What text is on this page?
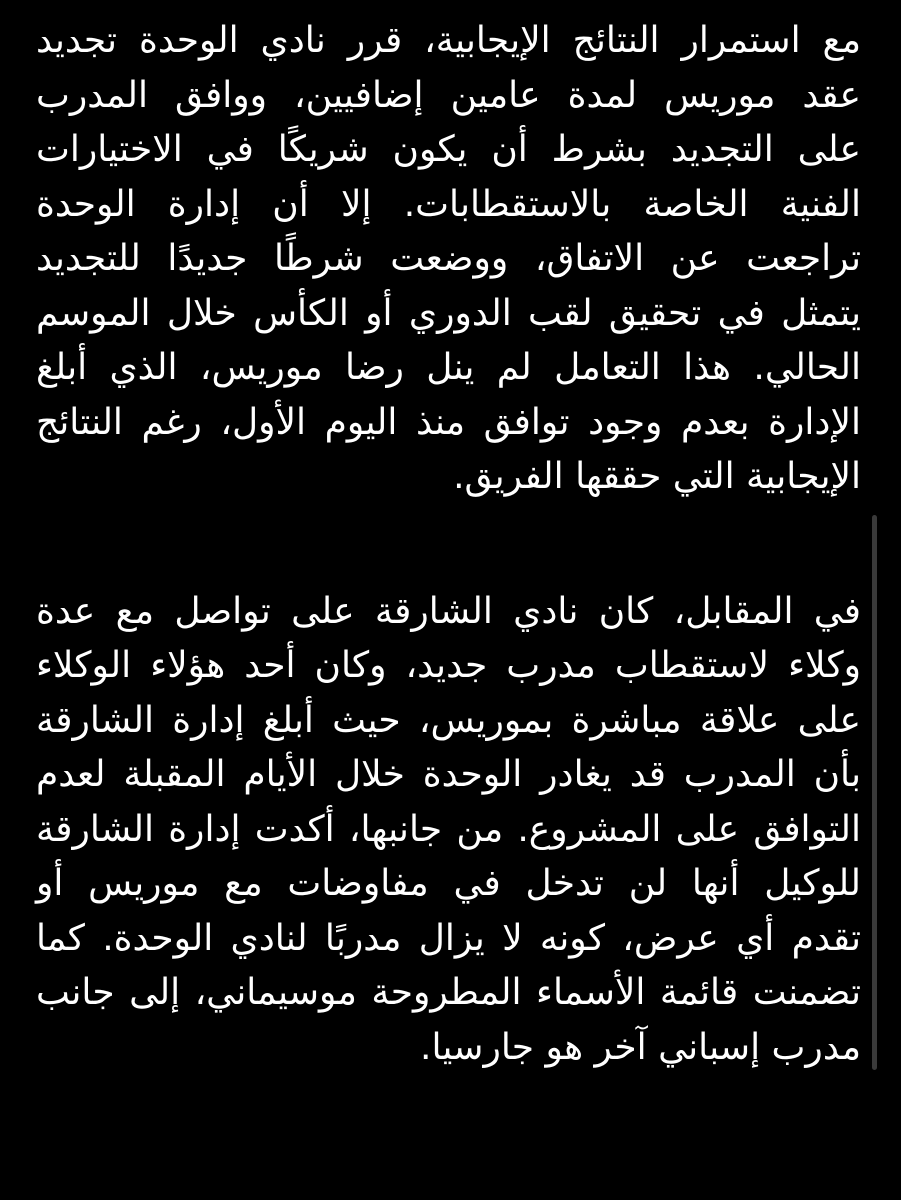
مع استمرار النتائج الإيجابية، قرر نادي الوحدة تجديد
عقد موريس لمدة عامين إضافيين، ووافق المدرب
على التجديد بشرط أن يكون شريكًا في الاختيارات
الفنية الخاصة بالاستقطابات. إلا أن إدارة الوحدة
تراجعت عن الاتفاق، ووضعت شرطًا جديدًا للتجديد
يتمثل في تحقيق لقب الدوري أو الكأس خلال الموسم
الحالي. هذا التعامل لم ينل رضا موريس، الذي أبلغ
الإدارة بعدم وجود توافق منذ اليوم الأول، رغم النتائج
الإيجابية التي حققها الفريق.

في المقابل، كان نادي الشارقة على تواصل مع عدة
وكلاء لاستقطاب مدرب جديد، وكان أحد هؤلاء الوكلاء
على علاقة مباشرة بموريس، حيث أبلغ إدارة الشارقة
بأن المدرب قد يغادر الوحدة خلال الأيام المقبلة لعدم
التوافق على المشروع. من جانبها، أكدت إدارة الشارقة
للوكيل أنها لن تدخل في مفاوضات مع موريس أو
تقدم أي عرض، كونه لا يزال مدربًا لنادي الوحدة. كما
تضمنت قائمة الأسماء المطروحة موسيماني، إلى جانب
مدرب إسباني آخر هو جارسيا.
